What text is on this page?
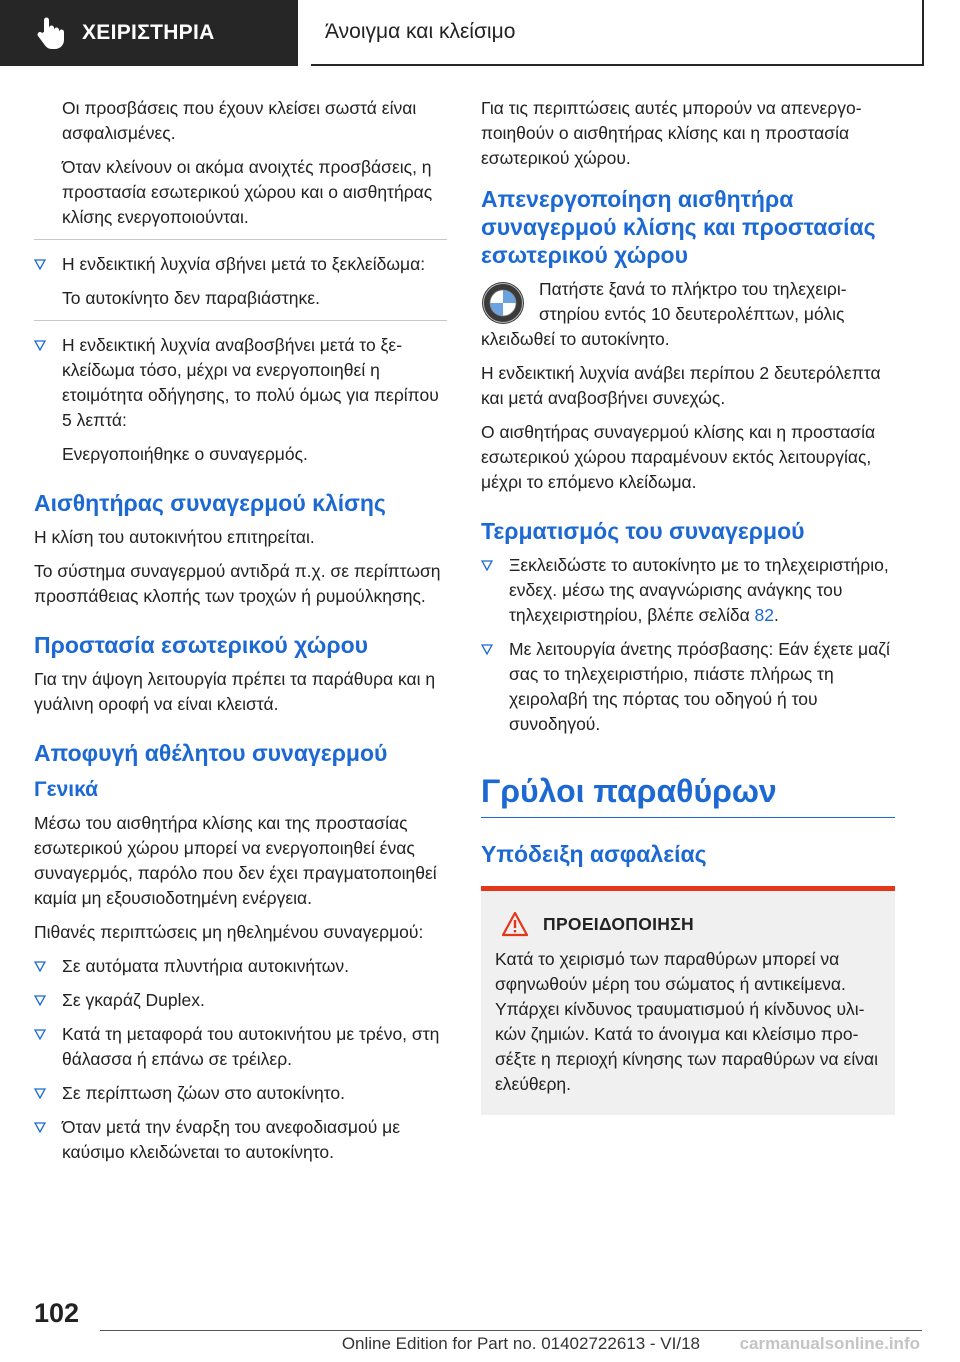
ΧΕΙΡΙΣΤΗΡΙΑ	Άνοιγμα και κλείσιμο

Οι προσβάσεις που έχουν κλείσει σωστά είναι ασφαλισμένες.

Όταν κλείνουν οι ακόμα ανοιχτές προσβάσεις, η προστασία εσωτερικού χώρου και ο αισθητήρας κλίσης ενεργοποιούνται.

Η ενδεικτική λυχνία σβήνει μετά το ξεκλείδωμα:

Το αυτοκίνητο δεν παραβιάστηκε.

Η ενδεικτική λυχνία αναβοσβήνει μετά το ξεκλείδωμα τόσο, μέχρι να ενεργοποιηθεί η ετοιμότητα οδήγησης, το πολύ όμως για περίπου 5 λεπτά:

Ενεργοποιήθηκε ο συναγερμός.

Αισθητήρας συναγερμού κλίσης

Η κλίση του αυτοκινήτου επιτηρείται.

Το σύστημα συναγερμού αντιδρά π.χ. σε περίπτωση προσπάθειας κλοπής των τροχών ή ρυμούλκησης.

Προστασία εσωτερικού χώρου

Για την άψογη λειτουργία πρέπει τα παράθυρα και η γυάλινη οροφή να είναι κλειστά.

Αποφυγή αθέλητου συναγερμού
Γενικά

Μέσω του αισθητήρα κλίσης και της προστασίας εσωτερικού χώρου μπορεί να ενεργοποιηθεί ένας συναγερμός, παρόλο που δεν έχει πραγματοποιηθεί καμία μη εξουσιοδοτημένη ενέργεια.

Πιθανές περιπτώσεις μη ηθελημένου συναγερμού:

Σε αυτόματα πλυντήρια αυτοκινήτων.
Σε γκαράζ Duplex.
Κατά τη μεταφορά του αυτοκινήτου με τρένο, στη θάλασσα ή επάνω σε τρέιλερ.
Σε περίπτωση ζώων στο αυτοκίνητο.
Όταν μετά την έναρξη του ανεφοδιασμού με καύσιμο κλειδώνεται το αυτοκίνητο.

Για τις περιπτώσεις αυτές μπορούν να απενεργοποιηθούν ο αισθητήρας κλίσης και η προστασία εσωτερικού χώρου.

Απενεργοποίηση αισθητήρα συναγερμού κλίσης και προστασίας εσωτερικού χώρου
Πατήστε ξανά το πλήκτρο του τηλεχειριστηρίου εντός 10 δευτερολέπτων, μόλις κλειδωθεί το αυτοκίνητο.

Η ενδεικτική λυχνία ανάβει περίπου 2 δευτερόλεπτα και μετά αναβοσβήνει συνεχώς.

Ο αισθητήρας συναγερμού κλίσης και η προστασία εσωτερικού χώρου παραμένουν εκτός λειτουργίας, μέχρι το επόμενο κλείδωμα.

Τερματισμός του συναγερμού
Ξεκλειδώστε το αυτοκίνητο με το τηλεχειριστήριο, ενδεχ. μέσω της αναγνώρισης ανάγκης του τηλεχειριστηρίου, βλέπε σελίδα 82.
Με λειτουργία άνετης πρόσβασης: Εάν έχετε μαζί σας το τηλεχειριστήριο, πιάστε πλήρως τη χειρολαβή της πόρτας του οδηγού ή του συνοδηγού.
Γρύλοι παραθύρων
Υπόδειξη ασφαλείας
ΠΡΟΕΙΔΟΠΟΙΗΣΗ

Κατά το χειρισμό των παραθύρων μπορεί να σφηνωθούν μέρη του σώματος ή αντικείμενα. Υπάρχει κίνδυνος τραυματισμού ή κίνδυνος υλικών ζημιών. Κατά το άνοιγμα και κλείσιμο προσέξτε η περιοχή κίνησης των παραθύρων να είναι ελεύθερη.

102
Online Edition for Part no. 01402722613 - VI/18 carmanualsonline.info
